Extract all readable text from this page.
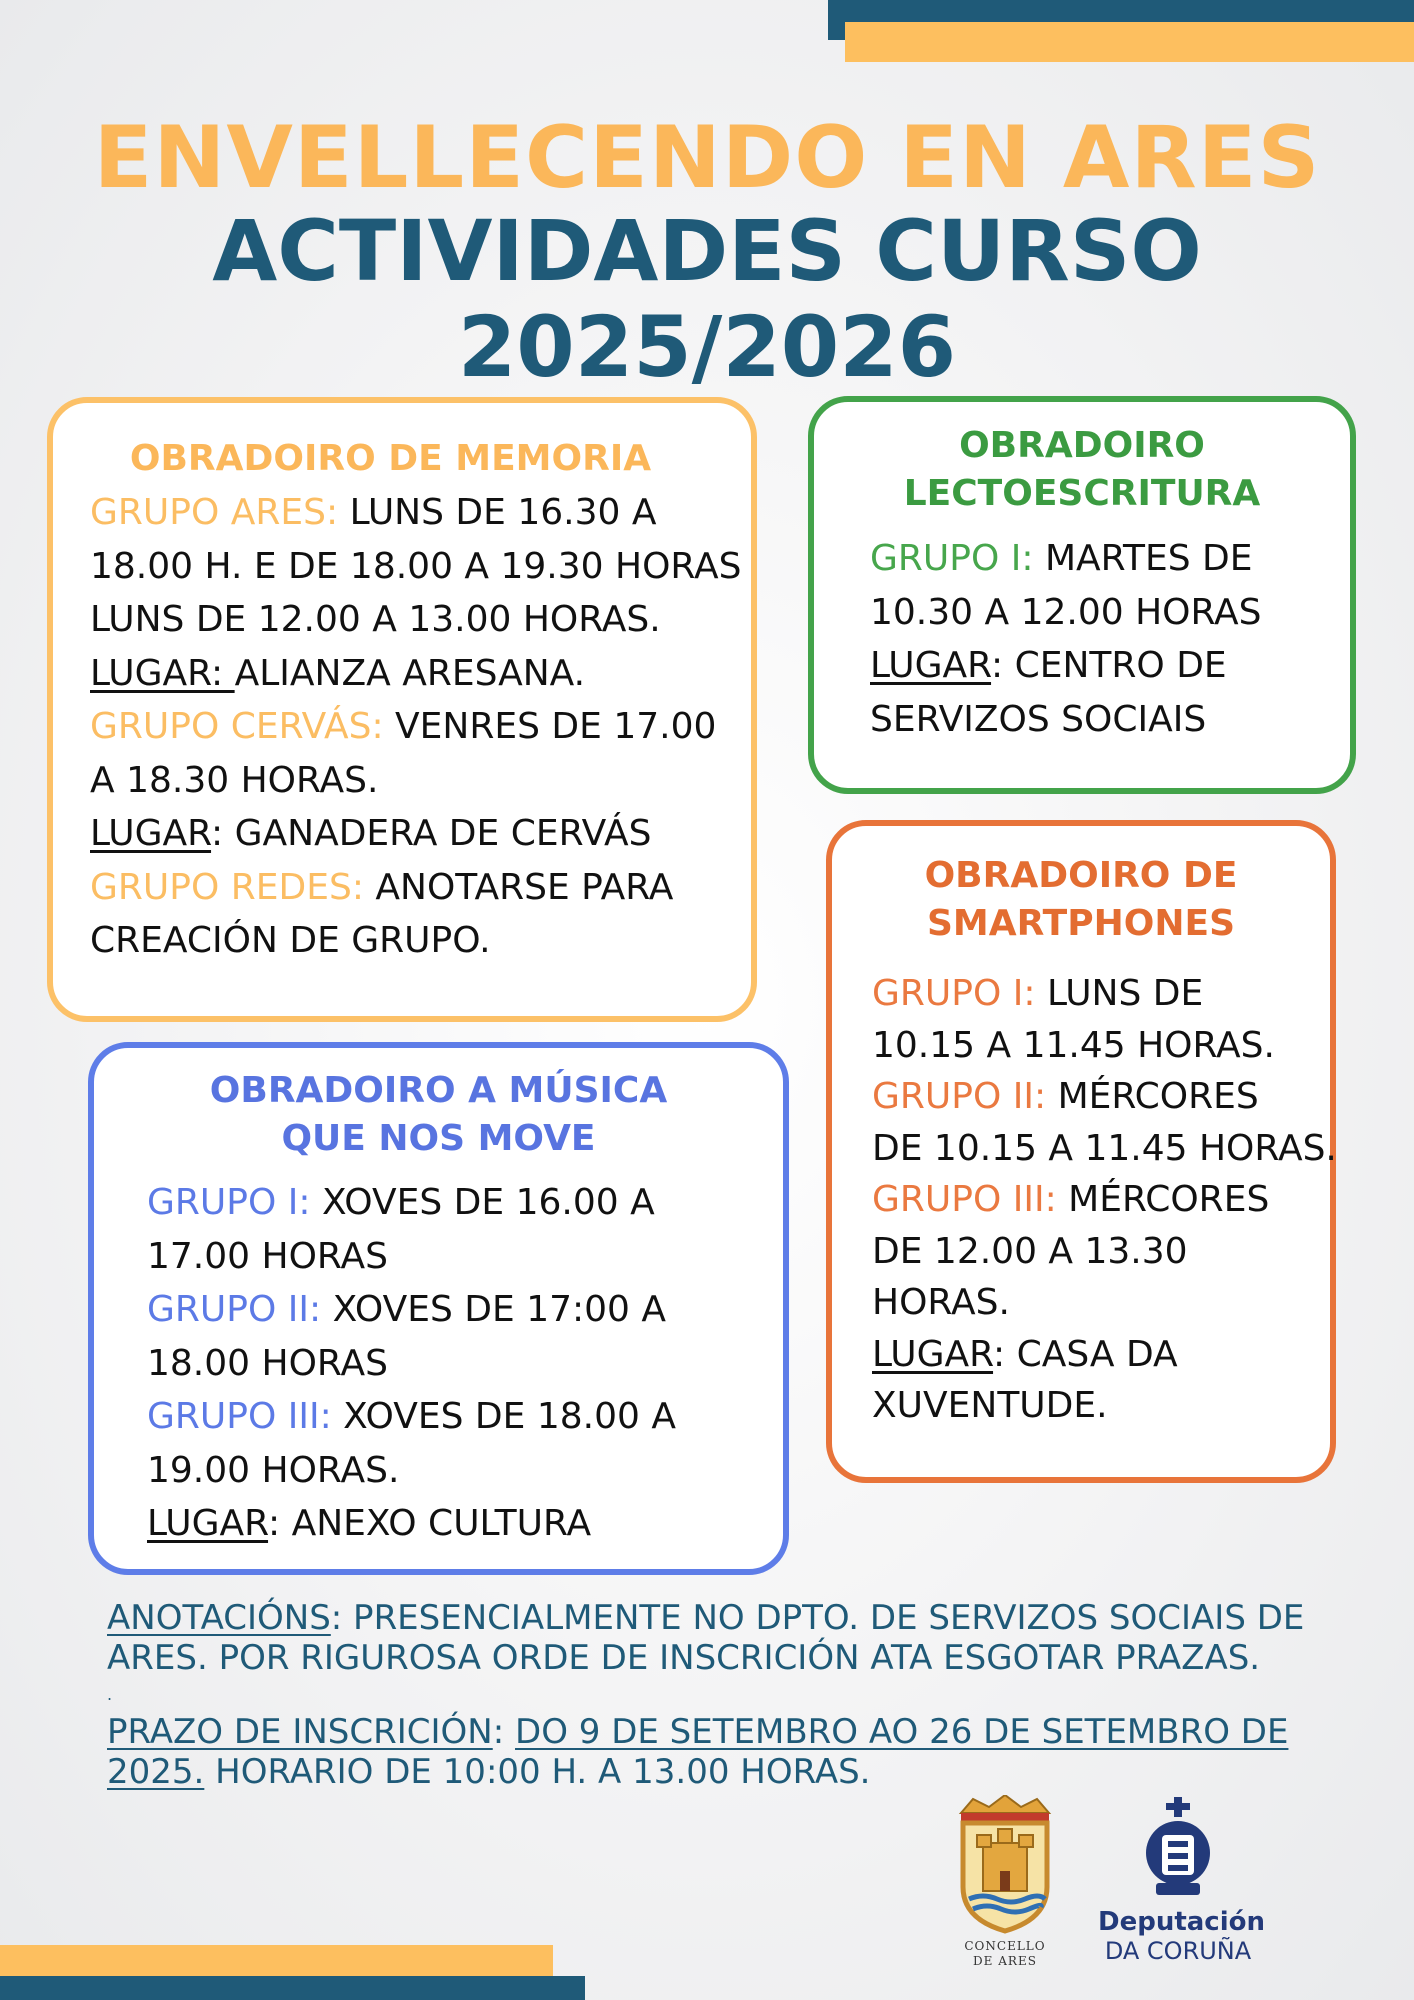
ENVELLECENDO EN ARES
ACTIVIDADES CURSO
2025/2026
OBRADOIRO DE MEMORIA
GRUPO ARES: LUNS DE 16.30 A
18.00 H. E DE 18.00 A 19.30 HORAS
LUNS DE 12.00 A 13.00 HORAS.
LUGAR: ALIANZA ARESANA.
GRUPO CERVÁS: VENRES DE 17.00
A 18.30 HORAS.
LUGAR: GANADERA DE CERVÁS
GRUPO REDES: ANOTARSE PARA
CREACIÓN DE GRUPO.
OBRADOIRO
LECTOESCRITURA
GRUPO I: MARTES DE
10.30 A 12.00 HORAS
LUGAR: CENTRO DE
SERVIZOS SOCIAIS
OBRADOIRO DE
SMARTPHONES
GRUPO I: LUNS DE
10.15 A 11.45 HORAS.
GRUPO II: MÉRCORES
DE 10.15 A 11.45 HORAS.
GRUPO III: MÉRCORES
DE 12.00 A 13.30
HORAS.
LUGAR: CASA DA
XUVENTUDE.
OBRADOIRO A MÚSICA
QUE NOS MOVE
GRUPO I: XOVES DE 16.00 A
17.00 HORAS
GRUPO II: XOVES DE 17:00 A
18.00 HORAS
GRUPO III: XOVES DE 18.00 A
19.00 HORAS.
LUGAR: ANEXO CULTURA
ANOTACIÓNS: PRESENCIALMENTE NO DPTO. DE SERVIZOS SOCIAIS DE ARES. POR RIGUROSA ORDE DE INSCRICIÓN ATA ESGOTAR PRAZAS.
.
PRAZO DE INSCRICIÓN: DO 9 DE SETEMBRO AO 26 DE SETEMBRO DE 2025. HORARIO DE 10:00 H. A 13.00 HORAS.
CONCELLO
DE ARES
Deputación
DA CORUÑA
